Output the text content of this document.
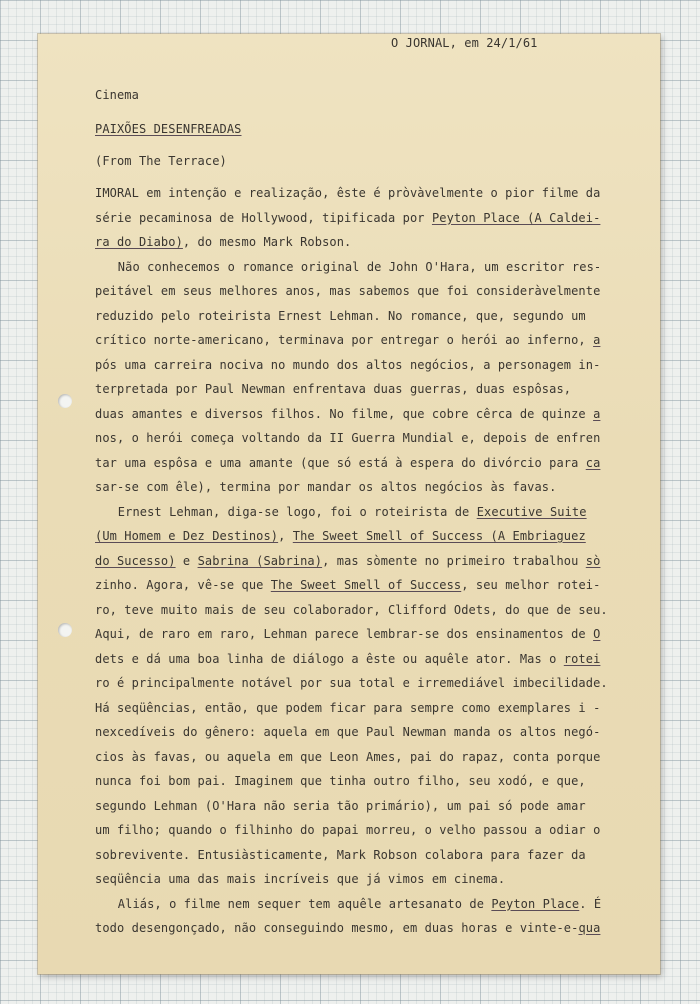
O JORNAL, em 24/1/61
Cinema
PAIXÕES DESENFREADAS
(From The Terrace)
IMORAL em intenção e realização, êste é pròvàvelmente o pior filme da
série pecaminosa de Hollywood, tipificada por Peyton Place (A Caldei-
ra do Diabo), do mesmo Mark Robson.
Não conhecemos o romance original de John O'Hara, um escritor res-
peitável em seus melhores anos, mas sabemos que foi consideràvelmente
reduzido pelo roteirista Ernest Lehman. No romance, que, segundo um
crítico norte-americano, terminava por entregar o herói ao inferno, a
pós uma carreira nociva no mundo dos altos negócios, a personagem in-
terpretada por Paul Newman enfrentava duas guerras, duas espôsas,
duas amantes e diversos filhos. No filme, que cobre cêrca de quinze a
nos, o herói começa voltando da II Guerra Mundial e, depois de enfren
tar uma espôsa e uma amante (que só está à espera do divórcio para ca
sar-se com êle), termina por mandar os altos negócios às favas.
Ernest Lehman, diga-se logo, foi o roteirista de Executive Suite
(Um Homem e Dez Destinos), The Sweet Smell of Success (A Embriaguez
do Sucesso) e Sabrina (Sabrina), mas sòmente no primeiro trabalhou sò
zinho. Agora, vê-se que The Sweet Smell of Success, seu melhor rotei-
ro, teve muito mais de seu colaborador, Clifford Odets, do que de seu.
Aqui, de raro em raro, Lehman parece lembrar-se dos ensinamentos de O
dets e dá uma boa linha de diálogo a êste ou aquêle ator. Mas o rotei
ro é principalmente notável por sua total e irremediável imbecilidade.
Há seqüências, então, que podem ficar para sempre como exemplares i -
nexcedíveis do gênero: aquela em que Paul Newman manda os altos negó-
cios às favas, ou aquela em que Leon Ames, pai do rapaz, conta porque
nunca foi bom pai. Imaginem que tinha outro filho, seu xodó, e que,
segundo Lehman (O'Hara não seria tão primário), um pai só pode amar
um filho; quando o filhinho do papai morreu, o velho passou a odiar o
sobrevivente. Entusiàsticamente, Mark Robson colabora para fazer da
seqüência uma das mais incríveis que já vimos em cinema.
Aliás, o filme nem sequer tem aquêle artesanato de Peyton Place. É
todo desengonçado, não conseguindo mesmo, em duas horas e vinte-e-qua
